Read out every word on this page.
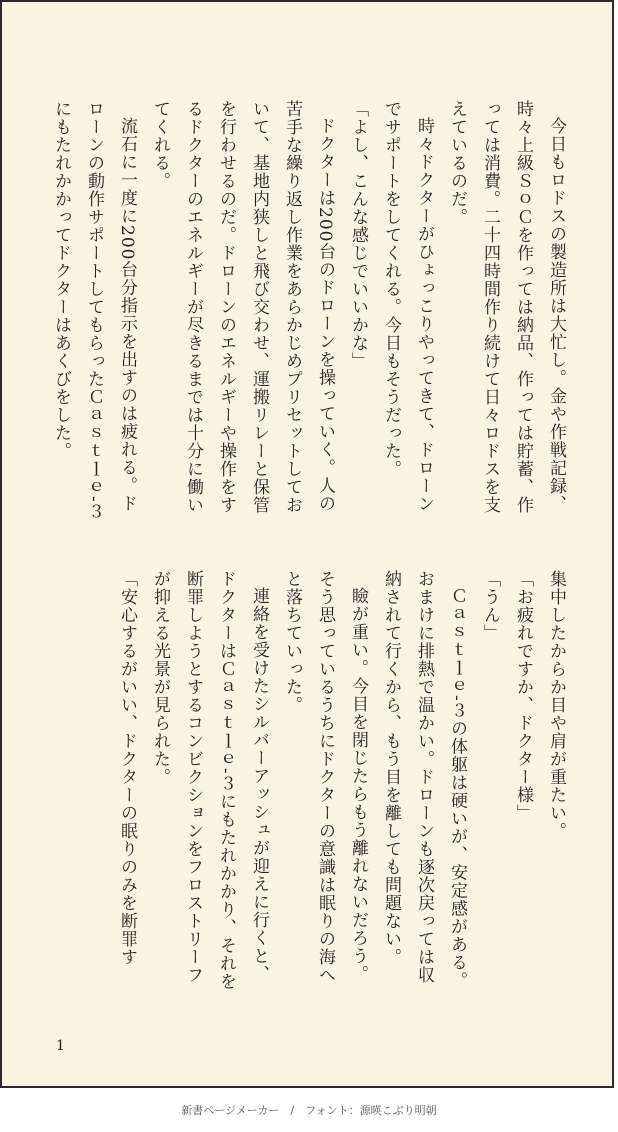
今日もロドスの製造所は大忙し。金や作戦記録、時々上級ＳｏＣを作っては納品、作っては貯蓄、作っては消費。二十四時間作り続けて日々ロドスを支えているのだ。

時々ドクターがひょっこりやってきて、ドローンでサポートをしてくれる。今日もそうだった。

「よし、こんな感じでいいかな」

ドクターは200台のドローンを操っていく。人の苦手な繰り返し作業をあらかじめプリセットしておいて、基地内狭しと飛び交わせ、運搬リレーと保管を行わせるのだ。ドローンのエネルギーや操作をするドクターのエネルギーが尽きるまでは十分に働いてくれる。

流石に一度に200台分指示を出すのは疲れる。ドローンの動作サポートしてもらったＣａｓｔｌｅ‐３にもたれかかってドクターはあくびをした。

集中したからか目や肩が重たい。

「お疲れですか、ドクター様」

「うん」

Ｃａｓｔｌｅ‐３の体躯は硬いが、安定感がある。おまけに排熱で温かい。ドローンも逐次戻っては収納されて行くから、もう目を離しても問題ない。

瞼が重い。今目を閉じたらもう離れないだろう。そう思っているうちにドクターの意識は眠りの海へと落ちていった。

連絡を受けたシルバーアッシュが迎えに行くと、ドクターはＣａｓｔｌｅ‐３にもたれかかり、それを断罪しようとするコンビクションをフロストリーフが抑える光景が見られた。

「安心するがいい、ドクターの眠りのみを断罪す

1
新書ページメーカー　/　フォント：源暎こぶり明朝
